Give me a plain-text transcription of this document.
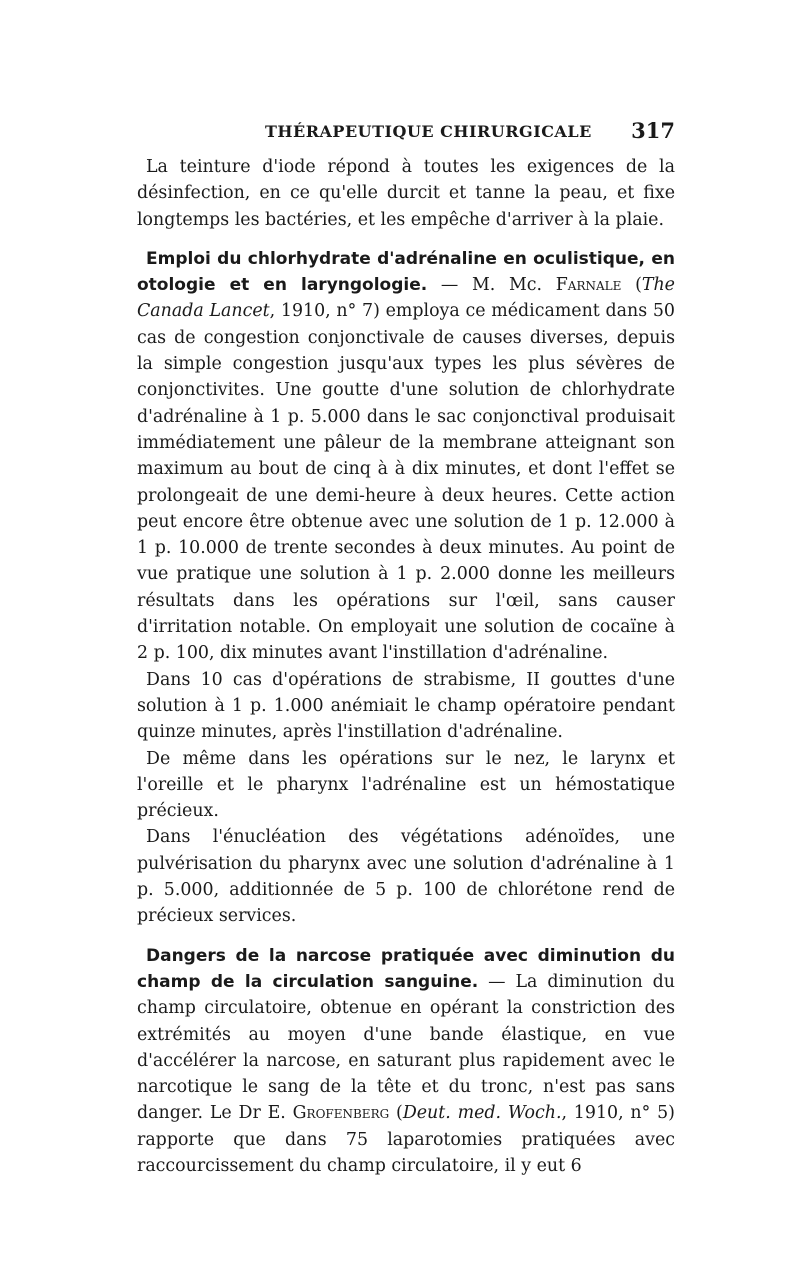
THÉRAPEUTIQUE CHIRURGICALE 317

La teinture d'iode répond à toutes les exigences de la désinfection, en ce qu'elle durcit et tanne la peau, et fixe longtemps les bactéries, et les empêche d'arriver à la plaie.

Emploi du chlorhydrate d'adrénaline en oculistique, en otologie et en laryngologie. — M. Mc. Farnale (The Canada Lancet, 1910, n° 7) employa ce médicament dans 50 cas de congestion conjonctivale de causes diverses, depuis la simple congestion jusqu'aux types les plus sévères de conjonctivites. Une goutte d'une solution de chlorhydrate d'adrénaline à 1 p. 5.000 dans le sac conjonctival produisait immédiatement une pâleur de la membrane atteignant son maximum au bout de cinq à à dix minutes, et dont l'effet se prolongeait de une demi-heure à deux heures. Cette action peut encore être obtenue avec une solution de 1 p. 12.000 à 1 p. 10.000 de trente secondes à deux minutes. Au point de vue pratique une solution à 1 p. 2.000 donne les meilleurs résultats dans les opérations sur l'œil, sans causer d'irritation notable. On employait une solution de cocaïne à 2 p. 100, dix minutes avant l'instillation d'adrénaline.

Dans 10 cas d'opérations de strabisme, II gouttes d'une solution à 1 p. 1.000 anémiait le champ opératoire pendant quinze minutes, après l'instillation d'adrénaline.

De même dans les opérations sur le nez, le larynx et l'oreille et le pharynx l'adrénaline est un hémostatique précieux.

Dans l'énucléation des végétations adénoïdes, une pulvérisation du pharynx avec une solution d'adrénaline à 1 p. 5.000, additionnée de 5 p. 100 de chlorétone rend de précieux services.

Dangers de la narcose pratiquée avec diminution du champ de la circulation sanguine. — La diminution du champ circulatoire, obtenue en opérant la constriction des extrémités au moyen d'une bande élastique, en vue d'accélérer la narcose, en saturant plus rapidement avec le narcotique le sang de la tête et du tronc, n'est pas sans danger. Le Dr E. Grofenberg (Deut. med. Woch., 1910, n° 5) rapporte que dans 75 laparotomies pratiquées avec raccourcissement du champ circulatoire, il y eut 6
